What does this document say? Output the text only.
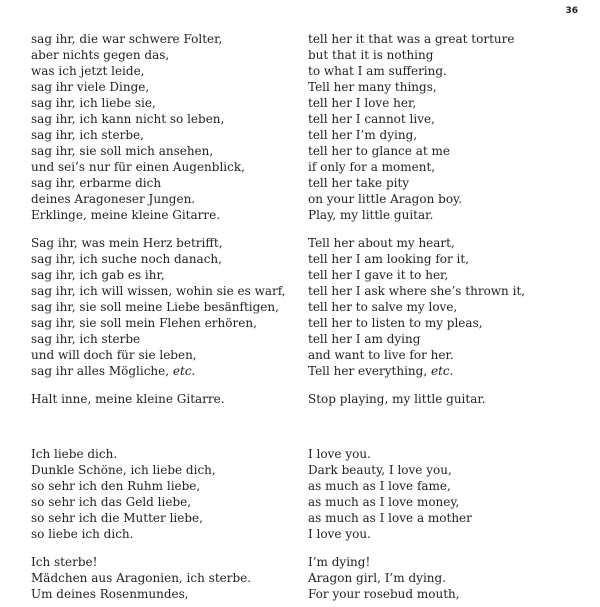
36
sag ihr, die war schwere Folter,
aber nichts gegen das,
was ich jetzt leide,
sag ihr viele Dinge,
sag ihr, ich liebe sie,
sag ihr, ich kann nicht so leben,
sag ihr, ich sterbe,
sag ihr, sie soll mich ansehen,
und sei’s nur für einen Augenblick,
sag ihr, erbarme dich
deines Aragoneser Jungen.
Erklinge, meine kleine Gitarre.
Sag ihr, was mein Herz betrifft,
sag ihr, ich suche noch danach,
sag ihr, ich gab es ihr,
sag ihr, ich will wissen, wohin sie es warf,
sag ihr, sie soll meine Liebe besänftigen,
sag ihr, sie soll mein Flehen erhören,
sag ihr, ich sterbe
und will doch für sie leben,
sag ihr alles Mögliche, etc.
Halt inne, meine kleine Gitarre.
Ich liebe dich.
Dunkle Schöne, ich liebe dich,
so sehr ich den Ruhm liebe,
so sehr ich das Geld liebe,
so sehr ich die Mutter liebe,
so liebe ich dich.
Ich sterbe!
Mädchen aus Aragonien, ich sterbe.
Um deines Rosenmundes,
tell her it that was a great torture
but that it is nothing
to what I am suffering.
Tell her many things,
tell her I love her,
tell her I cannot live,
tell her I’m dying,
tell her to glance at me
if only for a moment,
tell her take pity
on your little Aragon boy.
Play, my little guitar.
Tell her about my heart,
tell her I am looking for it,
tell her I gave it to her,
tell her I ask where she’s thrown it,
tell her to salve my love,
tell her to listen to my pleas,
tell her I am dying
and want to live for her.
Tell her everything, etc.
Stop playing, my little guitar.
I love you.
Dark beauty, I love you,
as much as I love fame,
as much as I love money,
as much as I love a mother
I love you.
I’m dying!
Aragon girl, I’m dying.
For your rosebud mouth,
